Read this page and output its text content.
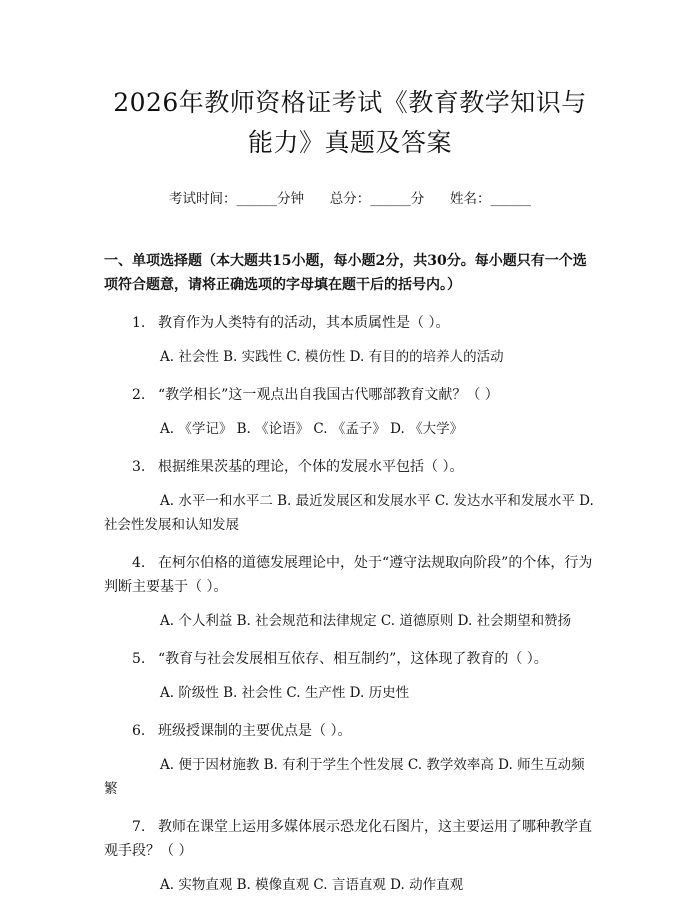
2026年教师资格证考试《教育教学知识与能力》真题及答案
考试时间：______分钟      总分：______分      姓名：______
一、单项选择题（本大题共15小题，每小题2分，共30分。每小题只有一个选项符合题意，请将正确选项的字母填在题干后的括号内。）
1. 教育作为人类特有的活动，其本质属性是（ ）。
A. 社会性 B. 实践性 C. 模仿性 D. 有目的的培养人的活动
2. “教学相长”这一观点出自我国古代哪部教育文献？（ ）
A. 《学记》 B. 《论语》 C. 《孟子》 D. 《大学》
3. 根据维果茨基的理论，个体的发展水平包括（ ）。
A. 水平一和水平二 B. 最近发展区和发展水平 C. 发达水平和发展水平 D. 社会性发展和认知发展
4. 在柯尔伯格的道德发展理论中，处于“遵守法规取向阶段”的个体，行为判断主要基于（ ）。
A. 个人利益 B. 社会规范和法律规定 C. 道德原则 D. 社会期望和赞扬
5. “教育与社会发展相互依存、相互制约”，这体现了教育的（ ）。
A. 阶级性 B. 社会性 C. 生产性 D. 历史性
6. 班级授课制的主要优点是（ ）。
A. 便于因材施教 B. 有利于学生个性发展 C. 教学效率高 D. 师生互动频繁
7. 教师在课堂上运用多媒体展示恐龙化石图片，这主要运用了哪种教学直观手段？（ ）
A. 实物直观 B. 模像直观 C. 言语直观 D. 动作直观
